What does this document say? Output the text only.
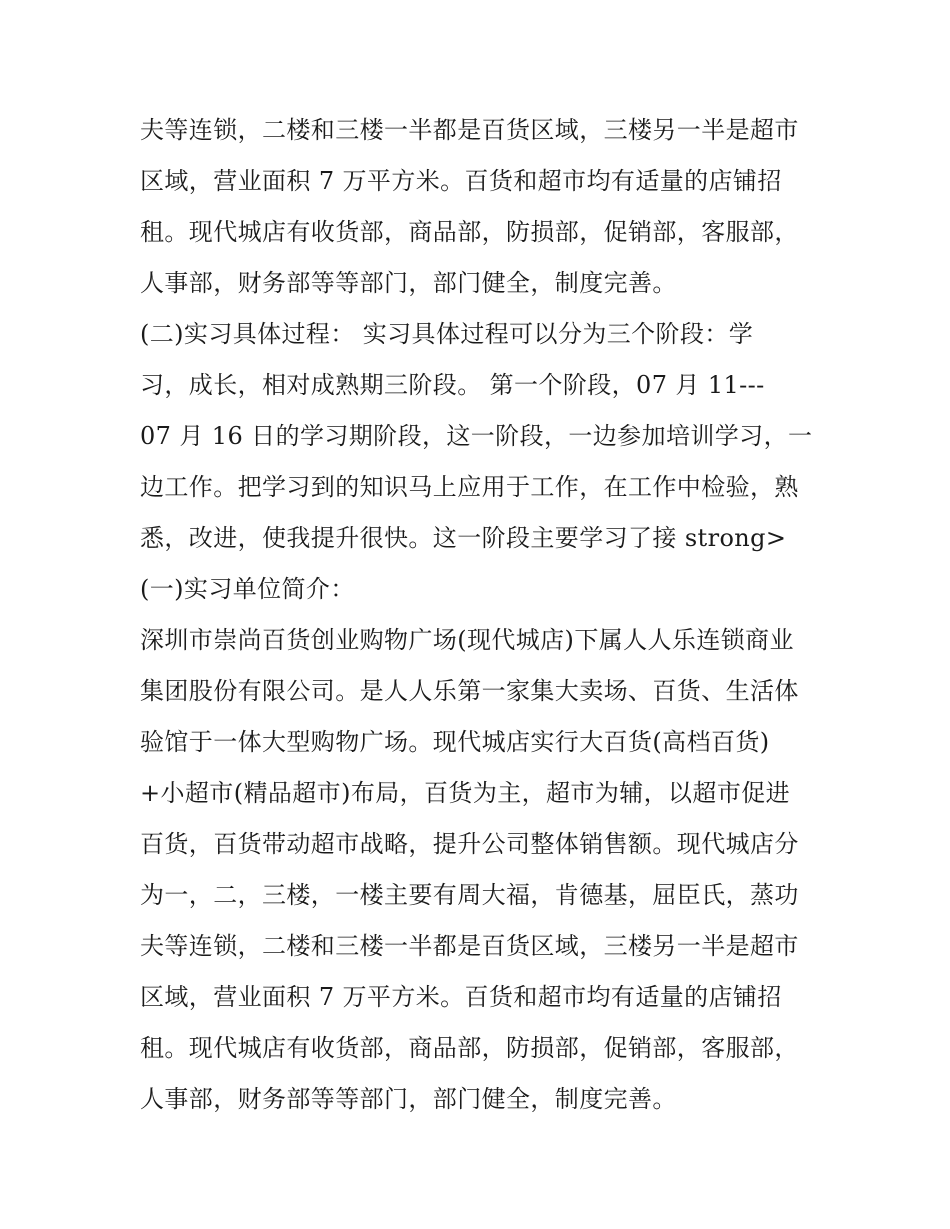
夫等连锁，二楼和三楼一半都是百货区域，三楼另一半是超市
区域，营业面积 7 万平方米。百货和超市均有适量的店铺招
租。现代城店有收货部，商品部，防损部，促销部，客服部，
人事部，财务部等等部门，部门健全，制度完善。
(二)实习具体过程： 实习具体过程可以分为三个阶段：学
习，成长，相对成熟期三阶段。 第一个阶段，07 月 11---
07 月 16 日的学习期阶段，这一阶段，一边参加培训学习，一
边工作。把学习到的知识马上应用于工作，在工作中检验，熟
悉，改进，使我提升很快。这一阶段主要学习了接 strong>
(一)实习单位简介：
深圳市崇尚百货创业购物广场(现代城店)下属人人乐连锁商业
集团股份有限公司。是人人乐第一家集大卖场、百货、生活体
验馆于一体大型购物广场。现代城店实行大百货(高档百货)
+小超市(精品超市)布局，百货为主，超市为辅，以超市促进
百货，百货带动超市战略，提升公司整体销售额。现代城店分
为一，二，三楼，一楼主要有周大福，肯德基，屈臣氏，蒸功
夫等连锁，二楼和三楼一半都是百货区域，三楼另一半是超市
区域，营业面积 7 万平方米。百货和超市均有适量的店铺招
租。现代城店有收货部，商品部，防损部，促销部，客服部，
人事部，财务部等等部门，部门健全，制度完善。
